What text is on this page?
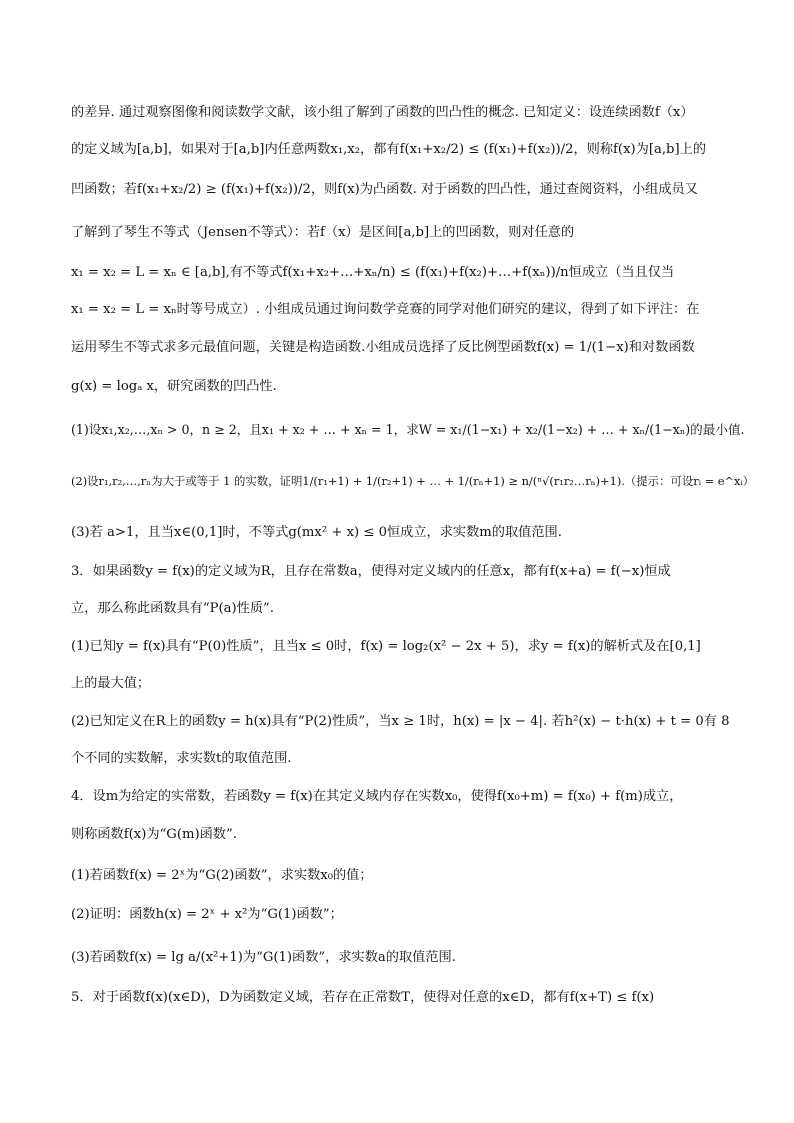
的差异. 通过观察图像和阅读数学文献，该小组了解到了函数的凹凸性的概念. 已知定义：设连续函数f（x）
的定义域为[a,b]，如果对于[a,b]内任意两数x₁,x₂，都有f(x₁+x₂/2) ≤ (f(x₁)+f(x₂))/2，则称f(x)为[a,b]上的
凹函数；若f(x₁+x₂/2) ≥ (f(x₁)+f(x₂))/2，则f(x)为凸函数. 对于函数的凹凸性，通过查阅资料，小组成员又
了解到了琴生不等式（Jensen不等式）：若f（x）是区间[a,b]上的凹函数，则对任意的
x₁ = x₂ = L = xₙ ∈ [a,b],有不等式f(x₁+x₂+…+xₙ/n) ≤ (f(x₁)+f(x₂)+…+f(xₙ))/n恒成立（当且仅当
x₁ = x₂ = L = xₙ时等号成立）. 小组成员通过询问数学竞赛的同学对他们研究的建议，得到了如下评注：在
运用琴生不等式求多元最值问题，关键是构造函数.小组成员选择了反比例型函数f(x) = 1/(1−x)和对数函数
g(x) = logₐ x，研究函数的凹凸性.
(1)设x₁,x₂,…,xₙ > 0，n ≥ 2，且x₁ + x₂ + … + xₙ = 1，求W = x₁/(1−x₁) + x₂/(1−x₂) + … + xₙ/(1−xₙ)的最小值.
(2)设r₁,r₂,…,rₙ为大于或等于 1 的实数，证明1/(r₁+1) + 1/(r₂+1) + … + 1/(rₙ+1) ≥ n/(ⁿ√(r₁r₂…rₙ)+1).（提示：可设rᵢ = e^xᵢ）
(3)若 a>1，且当x∈(0,1]时，不等式g(mx² + x) ≤ 0恒成立，求实数m的取值范围.
3．如果函数y = f(x)的定义域为R，且存在常数a，使得对定义域内的任意x，都有f(x+a) = f(−x)恒成
立，那么称此函数具有“P(a)性质”.
(1)已知y = f(x)具有“P(0)性质”，且当x ≤ 0时，f(x) = log₂(x² − 2x + 5)，求y = f(x)的解析式及在[0,1]
上的最大值；
(2)已知定义在R上的函数y = h(x)具有“P(2)性质”，当x ≥ 1时，h(x) = |x − 4|. 若h²(x) − t·h(x) + t = 0有 8
个不同的实数解，求实数t的取值范围.
4．设m为给定的实常数，若函数y = f(x)在其定义域内存在实数x₀，使得f(x₀+m) = f(x₀) + f(m)成立，
则称函数f(x)为“G(m)函数”.
(1)若函数f(x) = 2ˣ为“G(2)函数”，求实数x₀的值；
(2)证明：函数h(x) = 2ˣ + x²为“G(1)函数”；
(3)若函数f(x) = lg a/(x²+1)为“G(1)函数”，求实数a的取值范围.
5．对于函数f(x)(x∈D)，D为函数定义域，若存在正常数T，使得对任意的x∈D，都有f(x+T) ≤ f(x)
